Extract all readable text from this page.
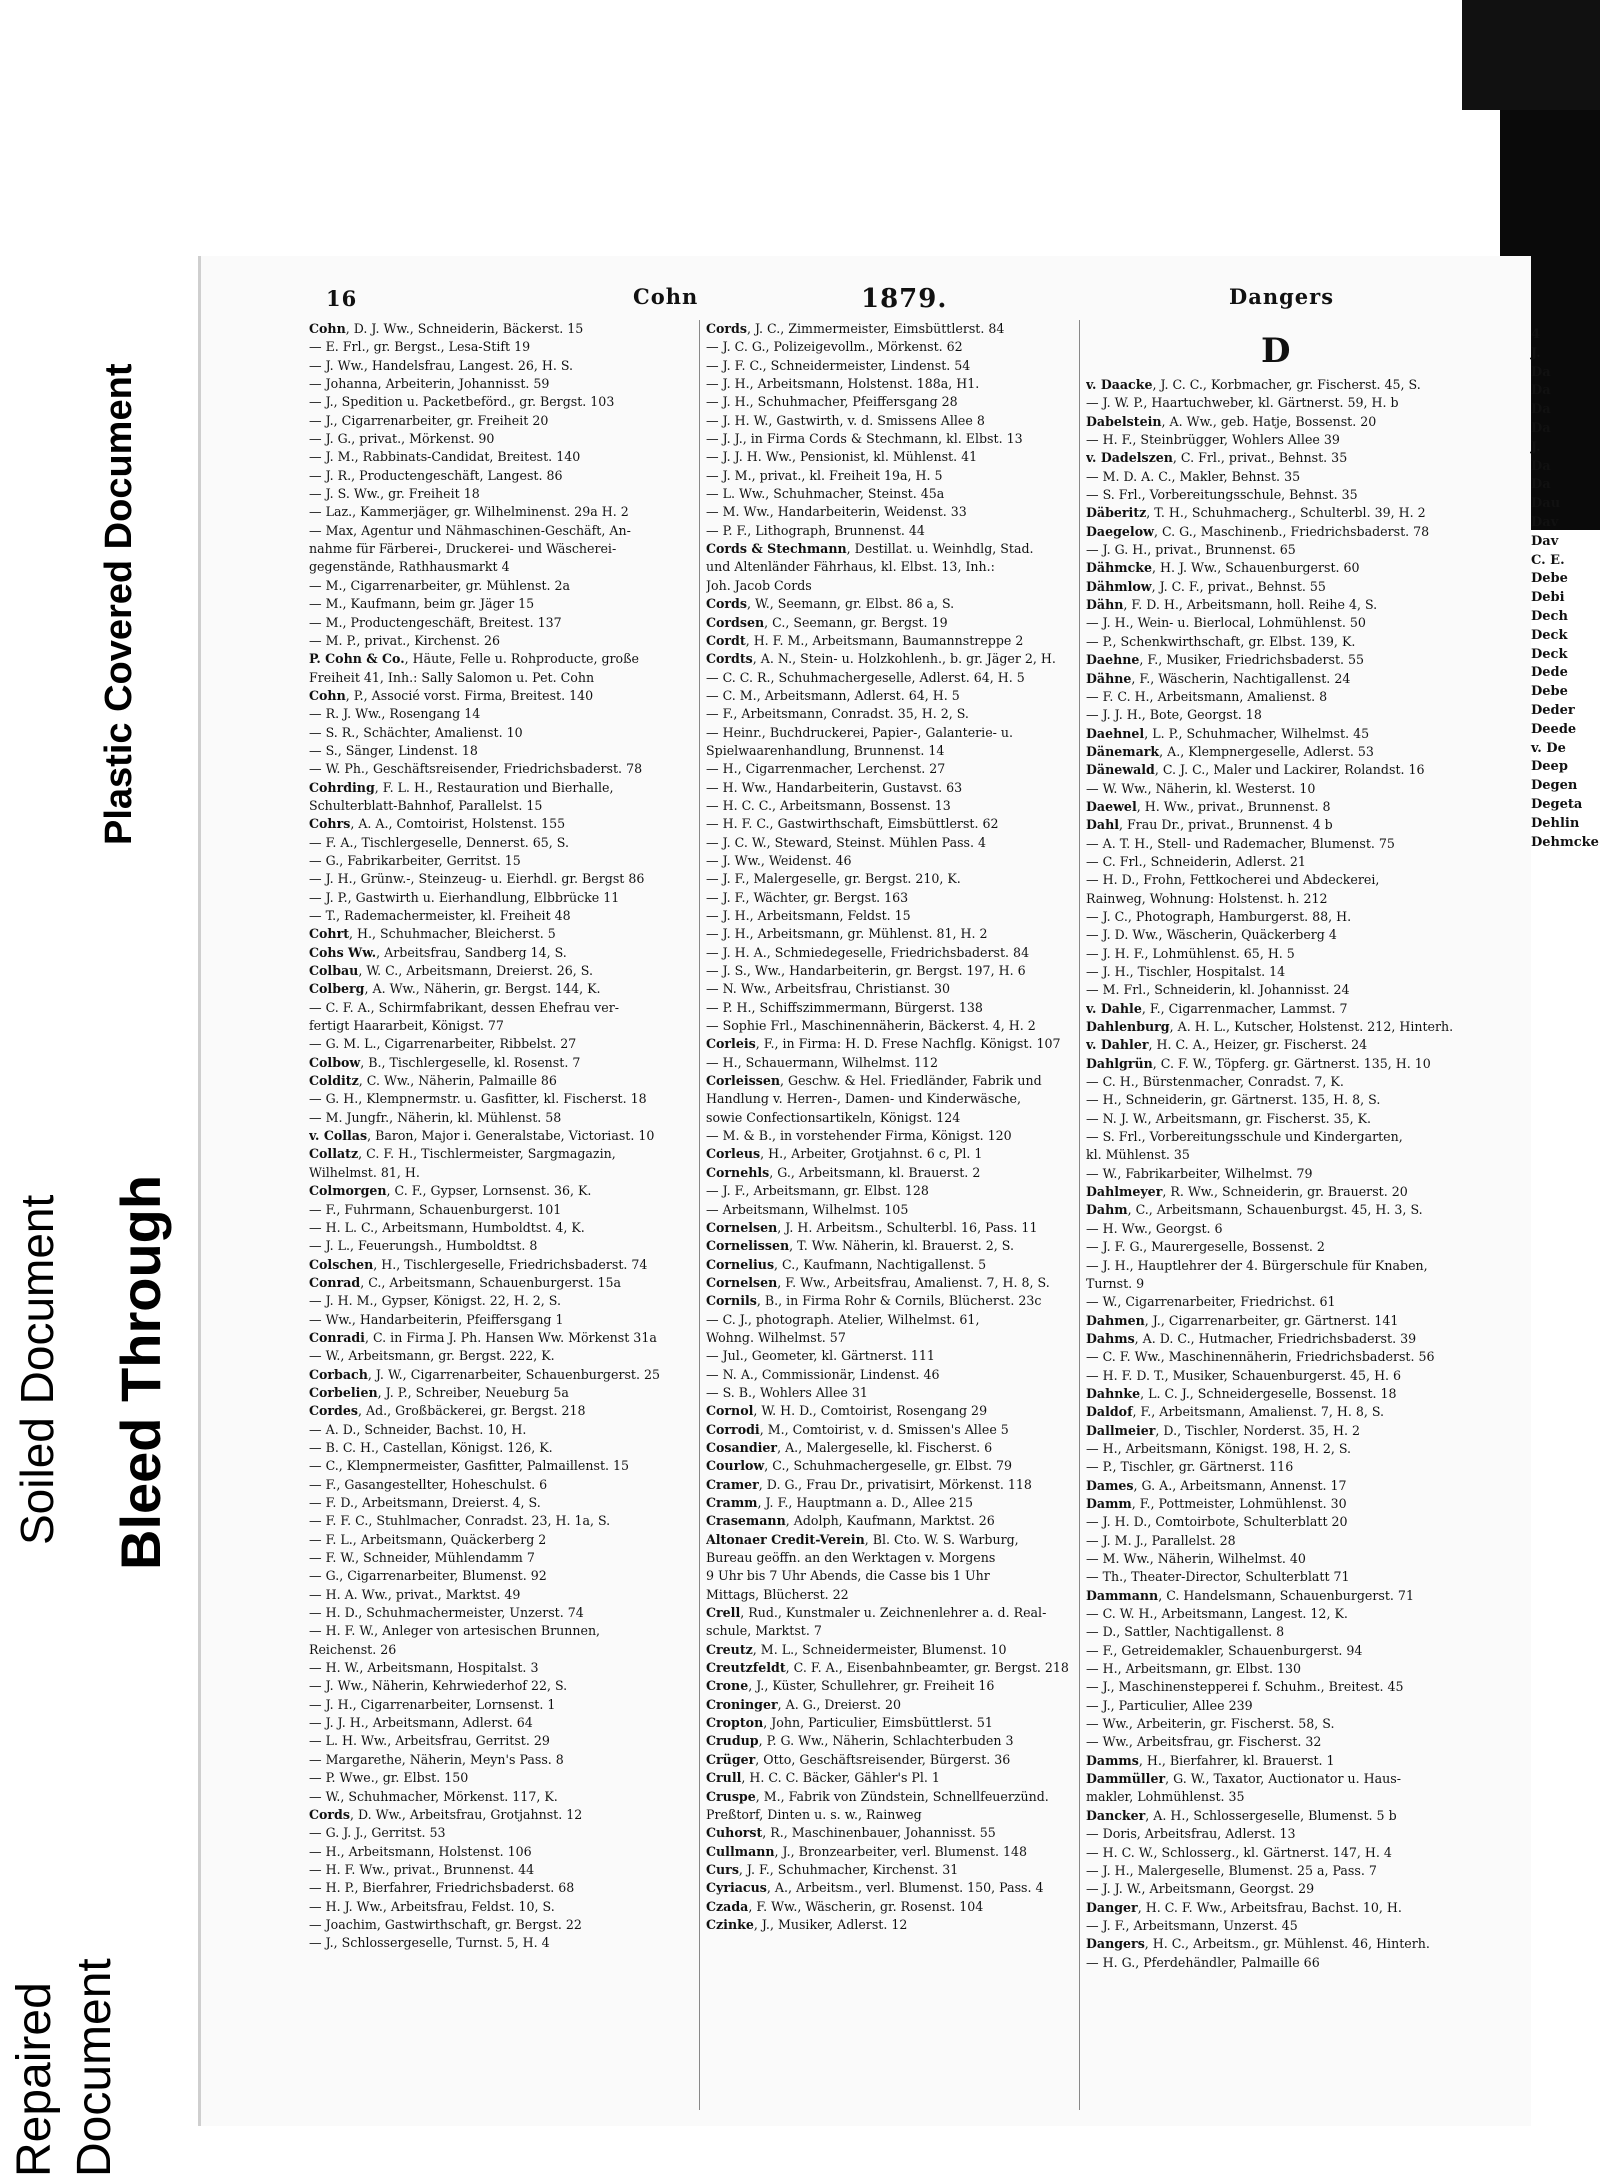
Plastic Covered Document
Soiled Document Bleed Through
Repaired Document
16	Cohn	1879.	Dangers
D
Cohn, D. J. Ww., Schneiderin, Bäckerst. 15
— E. Frl., gr. Bergst., Lesa-Stift 19
— J. Ww., Handelsfrau, Langest. 26, H. S.
— Johanna, Arbeiterin, Johannisst. 59
— J., Spedition u. Packetbeförd., gr. Bergst. 103
— J., Cigarrenarbeiter, gr. Freiheit 20
— J. G., privat., Mörkenst. 90
— J. M., Rabbinats-Candidat, Breitest. 140
— J. R., Productengeschäft, Langest. 86
— J. S. Ww., gr. Freiheit 18
— Laz., Kammerjäger, gr. Wilhelminenst. 29a H. 2
— Max, Agentur und Nähmaschinen-Geschäft, An-
nahme für Färberei-, Druckerei- und Wäscherei-
gegenstände, Rathhausmarkt 4
— M., Cigarrenarbeiter, gr. Mühlenst. 2a
— M., Kaufmann, beim gr. Jäger 15
— M., Productengeschäft, Breitest. 137
— M. P., privat., Kirchenst. 26
P. Cohn & Co., Häute, Felle u. Rohproducte, große
Freiheit 41, Inh.: Sally Salomon u. Pet. Cohn
Cohn, P., Associé vorst. Firma, Breitest. 140
— R. J. Ww., Rosengang 14
— S. R., Schächter, Amalienst. 10
— S., Sänger, Lindenst. 18
— W. Ph., Geschäftsreisender, Friedrichsbaderst. 78
Cohrding, F. L. H., Restauration und Bierhalle,
Schulterblatt-Bahnhof, Parallelst. 15
Cohrs, A. A., Comtoirist, Holstenst. 155
— F. A., Tischlergeselle, Dennerst. 65, S.
— G., Fabrikarbeiter, Gerritst. 15
— J. H., Grünw.-, Steinzeug- u. Eierhdl. gr. Bergst 86
— J. P., Gastwirth u. Eierhandlung, Elbbrücke 11
— T., Rademachermeister, kl. Freiheit 48
Cohrt, H., Schuhmacher, Bleicherst. 5
Cohs Ww., Arbeitsfrau, Sandberg 14, S.
Colbau, W. C., Arbeitsmann, Dreierst. 26, S.
Colberg, A. Ww., Näherin, gr. Bergst. 144, K.
— C. F. A., Schirmfabrikant, dessen Ehefrau ver-
fertigt Haararbeit, Königst. 77
— G. M. L., Cigarrenarbeiter, Ribbelst. 27
Colbow, B., Tischlergeselle, kl. Rosenst. 7
Colditz, C. Ww., Näherin, Palmaille 86
— G. H., Klempnermstr. u. Gasfitter, kl. Fischerst. 18
— M. Jungfr., Näherin, kl. Mühlenst. 58
v. Collas, Baron, Major i. Generalstabe, Victoriast. 10
Collatz, C. F. H., Tischlermeister, Sargmagazin,
Wilhelmst. 81, H.
Colmorgen, C. F., Gypser, Lornsenst. 36, K.
— F., Fuhrmann, Schauenburgerst. 101
— H. L. C., Arbeitsmann, Humboldtst. 4, K.
— J. L., Feuerungsh., Humboldtst. 8
Colschen, H., Tischlergeselle, Friedrichsbaderst. 74
Conrad, C., Arbeitsmann, Schauenburgerst. 15a
— J. H. M., Gypser, Königst. 22, H. 2, S.
— Ww., Handarbeiterin, Pfeiffersgang 1
Conradi, C. in Firma J. Ph. Hansen Ww. Mörkenst 31a
— W., Arbeitsmann, gr. Bergst. 222, K.
Corbach, J. W., Cigarrenarbeiter, Schauenburgerst. 25
Corbelien, J. P., Schreiber, Neueburg 5a
Cordes, Ad., Großbäckerei, gr. Bergst. 218
— A. D., Schneider, Bachst. 10, H.
— B. C. H., Castellan, Königst. 126, K.
— C., Klempnermeister, Gasfitter, Palmaillenst. 15
— F., Gasangestellter, Hoheschulst. 6
— F. D., Arbeitsmann, Dreierst. 4, S.
— F. F. C., Stuhlmacher, Conradst. 23, H. 1a, S.
— F. L., Arbeitsmann, Quäckerberg 2
— F. W., Schneider, Mühlendamm 7
— G., Cigarrenarbeiter, Blumenst. 92
— H. A. Ww., privat., Marktst. 49
— H. D., Schuhmachermeister, Unzerst. 74
— H. F. W., Anleger von artesischen Brunnen,
Reichenst. 26
— H. W., Arbeitsmann, Hospitalst. 3
— J. Ww., Näherin, Kehrwiederhof 22, S.
— J. H., Cigarrenarbeiter, Lornsenst. 1
— J. J. H., Arbeitsmann, Adlerst. 64
— L. H. Ww., Arbeitsfrau, Gerritst. 29
— Margarethe, Näherin, Meyn's Pass. 8
— P. Wwe., gr. Elbst. 150
— W., Schuhmacher, Mörkenst. 117, K.
Cords, D. Ww., Arbeitsfrau, Grotjahnst. 12
— G. J. J., Gerritst. 53
— H., Arbeitsmann, Holstenst. 106
— H. F. Ww., privat., Brunnenst. 44
— H. P., Bierfahrer, Friedrichsbaderst. 68
— H. J. Ww., Arbeitsfrau, Feldst. 10, S.
— Joachim, Gastwirthschaft, gr. Bergst. 22
— J., Schlossergeselle, Turnst. 5, H. 4
Cords, J. C., Zimmermeister, Eimsbüttlerst. 84
— J. C. G., Polizeigevollm., Mörkenst. 62
— J. F. C., Schneidermeister, Lindenst. 54
— J. H., Arbeitsmann, Holstenst. 188a, H1.
— J. H., Schuhmacher, Pfeiffersgang 28
— J. H. W., Gastwirth, v. d. Smissens Allee 8
— J. J., in Firma Cords & Stechmann, kl. Elbst. 13
— J. J. H. Ww., Pensionist, kl. Mühlenst. 41
— J. M., privat., kl. Freiheit 19a, H. 5
— L. Ww., Schuhmacher, Steinst. 45a
— M. Ww., Handarbeiterin, Weidenst. 33
— P. F., Lithograph, Brunnenst. 44
Cords & Stechmann, Destillat. u. Weinhdlg, Stad.
und Altenländer Fährhaus, kl. Elbst. 13, Inh.:
Joh. Jacob Cords
Cords, W., Seemann, gr. Elbst. 86 a, S.
Cordsen, C., Seemann, gr. Bergst. 19
Cordt, H. F. M., Arbeitsmann, Baumannstreppe 2
Cordts, A. N., Stein- u. Holzkohlenh., b. gr. Jäger 2, H.
— C. C. R., Schuhmachergeselle, Adlerst. 64, H. 5
— C. M., Arbeitsmann, Adlerst. 64, H. 5
— F., Arbeitsmann, Conradst. 35, H. 2, S.
— Heinr., Buchdruckerei, Papier-, Galanterie- u.
Spielwaarenhandlung, Brunnenst. 14
— H., Cigarrenmacher, Lerchenst. 27
— H. Ww., Handarbeiterin, Gustavst. 63
— H. C. C., Arbeitsmann, Bossenst. 13
— H. F. C., Gastwirthschaft, Eimsbüttlerst. 62
— J. C. W., Steward, Steinst. Mühlen Pass. 4
— J. Ww., Weidenst. 46
— J. F., Malergeselle, gr. Bergst. 210, K.
— J. F., Wächter, gr. Bergst. 163
— J. H., Arbeitsmann, Feldst. 15
— J. H., Arbeitsmann, gr. Mühlenst. 81, H. 2
— J. H. A., Schmiedegeselle, Friedrichsbaderst. 84
— J. S., Ww., Handarbeiterin, gr. Bergst. 197, H. 6
— N. Ww., Arbeitsfrau, Christianst. 30
— P. H., Schiffszimmermann, Bürgerst. 138
— Sophie Frl., Maschinennäherin, Bäckerst. 4, H. 2
Corleis, F., in Firma: H. D. Frese Nachflg. Königst. 107
— H., Schauermann, Wilhelmst. 112
Corleissen, Geschw. & Hel. Friedländer, Fabrik und
Handlung v. Herren-, Damen- und Kinderwäsche,
sowie Confectionsartikeln, Königst. 124
— M. & B., in vorstehender Firma, Königst. 120
Corleus, H., Arbeiter, Grotjahnst. 6 c, Pl. 1
Cornehls, G., Arbeitsmann, kl. Brauerst. 2
— J. F., Arbeitsmann, gr. Elbst. 128
— Arbeitsmann, Wilhelmst. 105
Cornelsen, J. H. Arbeitsm., Schulterbl. 16, Pass. 11
Cornelissen, T. Ww. Näherin, kl. Brauerst. 2, S.
Cornelius, C., Kaufmann, Nachtigallenst. 5
Cornelsen, F. Ww., Arbeitsfrau, Amalienst. 7, H. 8, S.
Cornils, B., in Firma Rohr & Cornils, Blücherst. 23c
— C. J., photograph. Atelier, Wilhelmst. 61,
Wohng. Wilhelmst. 57
— Jul., Geometer, kl. Gärtnerst. 111
— N. A., Commissionär, Lindenst. 46
— S. B., Wohlers Allee 31
Cornol, W. H. D., Comtoirist, Rosengang 29
Corrodi, M., Comtoirist, v. d. Smissen's Allee 5
Cosandier, A., Malergeselle, kl. Fischerst. 6
Courlow, C., Schuhmachergeselle, gr. Elbst. 79
Cramer, D. G., Frau Dr., privatisirt, Mörkenst. 118
Cramm, J. F., Hauptmann a. D., Allee 215
Crasemann, Adolph, Kaufmann, Marktst. 26
Altonaer Credit-Verein, Bl. Cto. W. S. Warburg,
Bureau geöffn. an den Werktagen v. Morgens
9 Uhr bis 7 Uhr Abends, die Casse bis 1 Uhr
Mittags, Blücherst. 22
Crell, Rud., Kunstmaler u. Zeichnenlehrer a. d. Real-
schule, Marktst. 7
Creutz, M. L., Schneidermeister, Blumenst. 10
Creutzfeldt, C. F. A., Eisenbahnbeamter, gr. Bergst. 218
Crone, J., Küster, Schullehrer, gr. Freiheit 16
Croninger, A. G., Dreierst. 20
Cropton, John, Particulier, Eimsbüttlerst. 51
Crudup, P. G. Ww., Näherin, Schlachterbuden 3
Crüger, Otto, Geschäftsreisender, Bürgerst. 36
Crull, H. C. C. Bäcker, Gähler's Pl. 1
Cruspe, M., Fabrik von Zündstein, Schnellfeuerzünd.
Preßtorf, Dinten u. s. w., Rainweg
Cuhorst, R., Maschinenbauer, Johannisst. 55
Cullmann, J., Bronzearbeiter, verl. Blumenst. 148
Curs, J. F., Schuhmacher, Kirchenst. 31
Cyriacus, A., Arbeitsm., verl. Blumenst. 150, Pass. 4
Czada, F. Ww., Wäscherin, gr. Rosenst. 104
Czinke, J., Musiker, Adlerst. 12
v. Daacke, J. C. C., Korbmacher, gr. Fischerst. 45, S.
— J. W. P., Haartuchweber, kl. Gärtnerst. 59, H. b
Dabelstein, A. Ww., geb. Hatje, Bossenst. 20
— H. F., Steinbrügger, Wohlers Allee 39
v. Dadelszen, C. Frl., privat., Behnst. 35
— M. D. A. C., Makler, Behnst. 35
— S. Frl., Vorbereitungsschule, Behnst. 35
Däberitz, T. H., Schuhmacherg., Schulterbl. 39, H. 2
Daegelow, C. G., Maschinenb., Friedrichsbaderst. 78
— J. G. H., privat., Brunnenst. 65
Dähmcke, H. J. Ww., Schauenburgerst. 60
Dähmlow, J. C. F., privat., Behnst. 55
Dähn, F. D. H., Arbeitsmann, holl. Reihe 4, S.
— J. H., Wein- u. Bierlocal, Lohmühlenst. 50
— P., Schenkwirthschaft, gr. Elbst. 139, K.
Daehne, F., Musiker, Friedrichsbaderst. 55
Dähne, F., Wäscherin, Nachtigallenst. 24
— F. C. H., Arbeitsmann, Amalienst. 8
— J. J. H., Bote, Georgst. 18
Daehnel, L. P., Schuhmacher, Wilhelmst. 45
Dänemark, A., Klempnergeselle, Adlerst. 53
Dänewald, C. J. C., Maler und Lackirer, Rolandst. 16
— W. Ww., Näherin, kl. Westerst. 10
Daewel, H. Ww., privat., Brunnenst. 8
Dahl, Frau Dr., privat., Brunnenst. 4 b
— A. T. H., Stell- und Rademacher, Blumenst. 75
— C. Frl., Schneiderin, Adlerst. 21
— H. D., Frohn, Fettkocherei und Abdeckerei,
Rainweg, Wohnung: Holstenst. h. 212
— J. C., Photograph, Hamburgerst. 88, H.
— J. D. Ww., Wäscherin, Quäckerberg 4
— J. H. F., Lohmühlenst. 65, H. 5
— J. H., Tischler, Hospitalst. 14
— M. Frl., Schneiderin, kl. Johannisst. 24
v. Dahle, F., Cigarrenmacher, Lammst. 7
Dahlenburg, A. H. L., Kutscher, Holstenst. 212, Hinterh.
v. Dahler, H. C. A., Heizer, gr. Fischerst. 24
Dahlgrün, C. F. W., Töpferg. gr. Gärtnerst. 135, H. 10
— C. H., Bürstenmacher, Conradst. 7, K.
— H., Schneiderin, gr. Gärtnerst. 135, H. 8, S.
— N. J. W., Arbeitsmann, gr. Fischerst. 35, K.
— S. Frl., Vorbereitungsschule und Kindergarten,
kl. Mühlenst. 35
— W., Fabrikarbeiter, Wilhelmst. 79
Dahlmeyer, R. Ww., Schneiderin, gr. Brauerst. 20
Dahm, C., Arbeitsmann, Schauenburgst. 45, H. 3, S.
— H. Ww., Georgst. 6
— J. F. G., Maurergeselle, Bossenst. 2
— J. H., Hauptlehrer der 4. Bürgerschule für Knaben,
Turnst. 9
— W., Cigarrenarbeiter, Friedrichst. 61
Dahmen, J., Cigarrenarbeiter, gr. Gärtnerst. 141
Dahms, A. D. C., Hutmacher, Friedrichsbaderst. 39
— C. F. Ww., Maschinennäherin, Friedrichsbaderst. 56
— H. F. D. T., Musiker, Schauenburgerst. 45, H. 6
Dahnke, L. C. J., Schneidergeselle, Bossenst. 18
Daldof, F., Arbeitsmann, Amalienst. 7, H. 8, S.
Dallmeier, D., Tischler, Norderst. 35, H. 2
— H., Arbeitsmann, Königst. 198, H. 2, S.
— P., Tischler, gr. Gärtnerst. 116
Dames, G. A., Arbeitsmann, Annenst. 17
Damm, F., Pottmeister, Lohmühlenst. 30
— J. H. D., Comtoirbote, Schulterblatt 20
— J. M. J., Parallelst. 28
— M. Ww., Näherin, Wilhelmst. 40
— Th., Theater-Director, Schulterblatt 71
Dammann, C. Handelsmann, Schauenburgerst. 71
— C. W. H., Arbeitsmann, Langest. 12, K.
— D., Sattler, Nachtigallenst. 8
— F., Getreidemakler, Schauenburgerst. 94
— H., Arbeitsmann, gr. Elbst. 130
— J., Maschinenstepperei f. Schuhm., Breitest. 45
— J., Particulier, Allee 239
— Ww., Arbeiterin, gr. Fischerst. 58, S.
— Ww., Arbeitsfrau, gr. Fischerst. 32
Damms, H., Bierfahrer, kl. Brauerst. 1
Dammüller, G. W., Taxator, Auctionator u. Haus-
makler, Lohmühlenst. 35
Dancker, A. H., Schlossergeselle, Blumenst. 5 b
— Doris, Arbeitsfrau, Adlerst. 13
— H. C. W., Schlosserg., kl. Gärtnerst. 147, H. 4
— J. H., Malergeselle, Blumenst. 25 a, Pass. 7
— J. J. W., Arbeitsmann, Georgst. 29
Danger, H. C. F. Ww., Arbeitsfrau, Bachst. 10, H.
— J. F., Arbeitsmann, Unzerst. 45
Dangers, H. C., Arbeitsm., gr. Mühlenst. 46, Hinterh.
— H. G., Pferdehändler, Palmaille 66
4
J.
Da
Da
Da
Da
J.
Da
Da
Dau
Dav
Dav
C. E.
Debe
Debi
Dech
Deck
Deck
Dede
Debe
Deder
Deede
v. De
Deep
Degen
Degeta
Dehlin
Dehmcke
